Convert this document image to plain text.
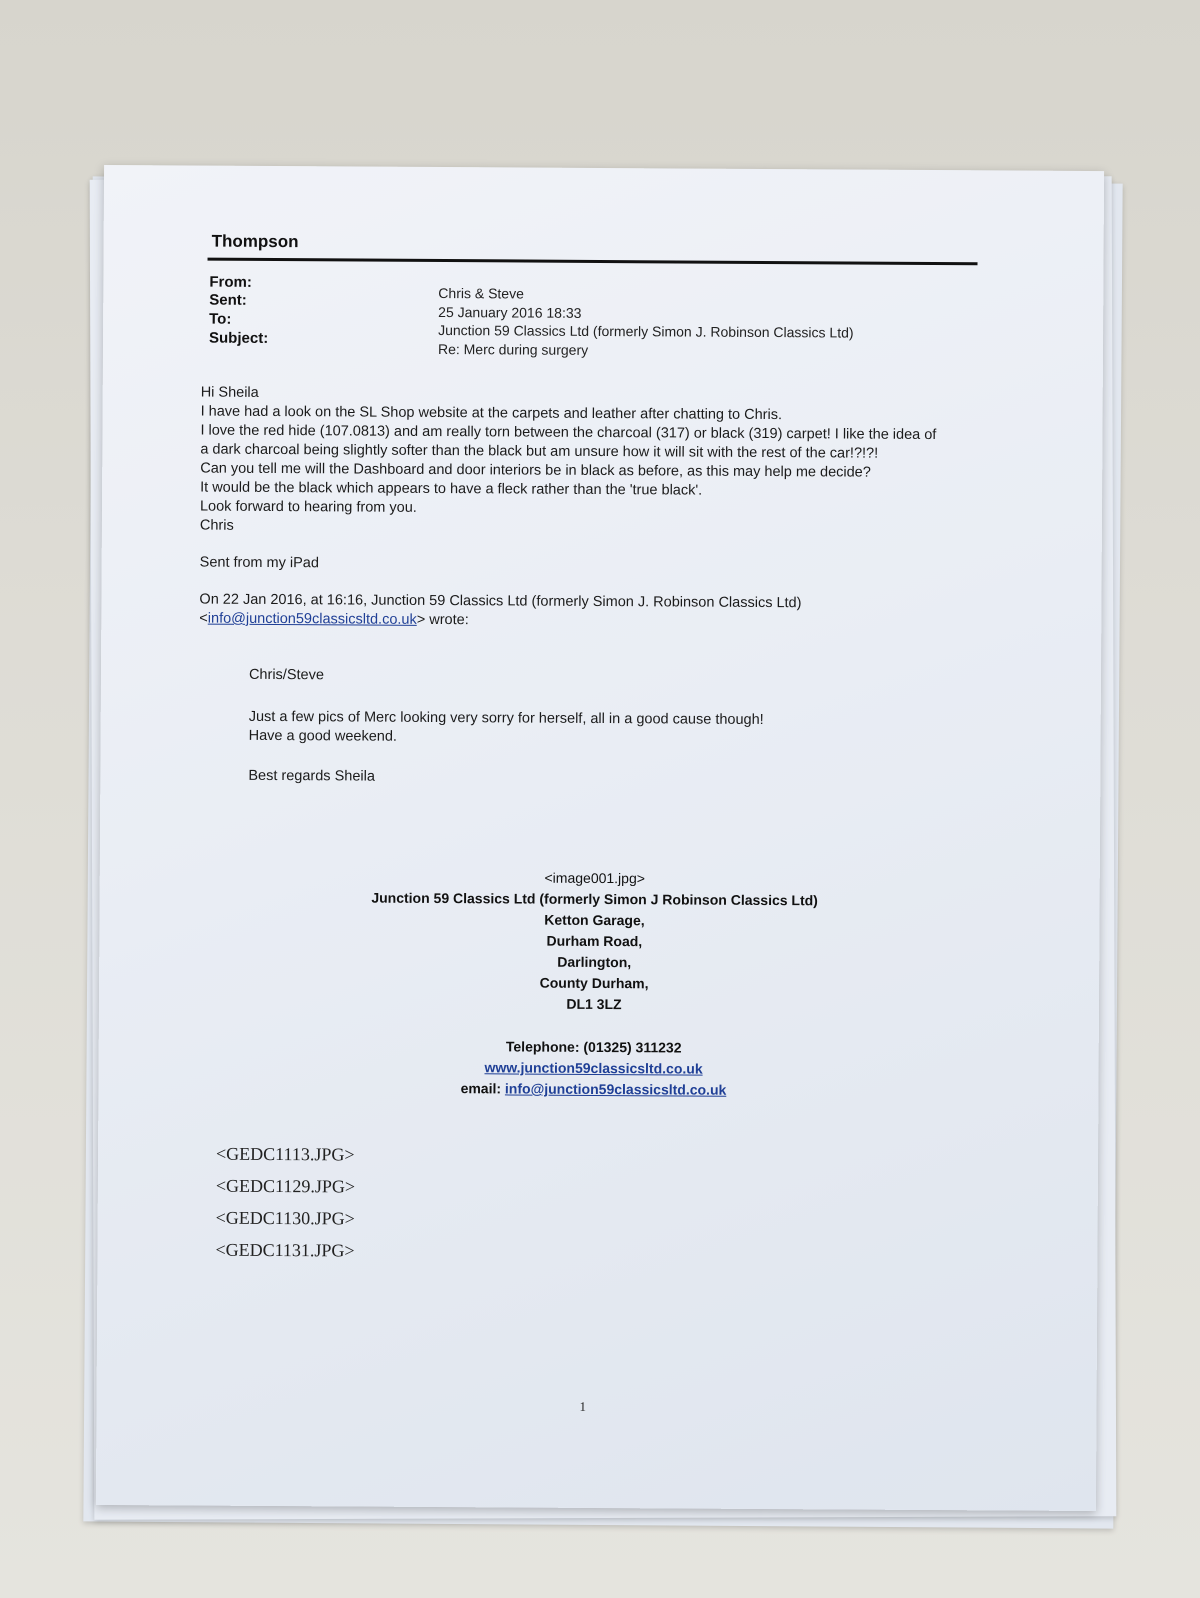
Thompson
From:
Sent:
To:
Subject:
Chris & Steve
25 January 2016 18:33
Junction 59 Classics Ltd (formerly Simon J. Robinson Classics Ltd)
Re: Merc during surgery
Hi Sheila
I have had a look on the SL Shop website at the carpets and leather after chatting to Chris.
I love the red hide (107.0813) and am really torn between the charcoal (317) or black (319) carpet! I like the idea of
a dark charcoal being slightly softer than the black but am unsure how it will sit with the rest of the car!?!?!
Can you tell me will the Dashboard and door interiors be in black as before, as this may help me decide?
It would be the black which appears to have a fleck rather than the 'true black'.
Look forward to hearing from you.
Chris
Sent from my iPad
On 22 Jan 2016, at 16:16, Junction 59 Classics Ltd (formerly Simon J. Robinson Classics Ltd)
<info@junction59classicsltd.co.uk> wrote:
Chris/Steve
Just a few pics of Merc looking very sorry for herself, all in a good cause though!
Have a good weekend.
Best regards Sheila
<image001.jpg>
Junction 59 Classics Ltd (formerly Simon J Robinson Classics Ltd)
Ketton Garage,
Durham Road,
Darlington,
County Durham,
DL1 3LZ
Telephone: (01325) 311232
www.junction59classicsltd.co.uk
email: info@junction59classicsltd.co.uk
<GEDC1113.JPG>
<GEDC1129.JPG>
<GEDC1130.JPG>
<GEDC1131.JPG>
1
